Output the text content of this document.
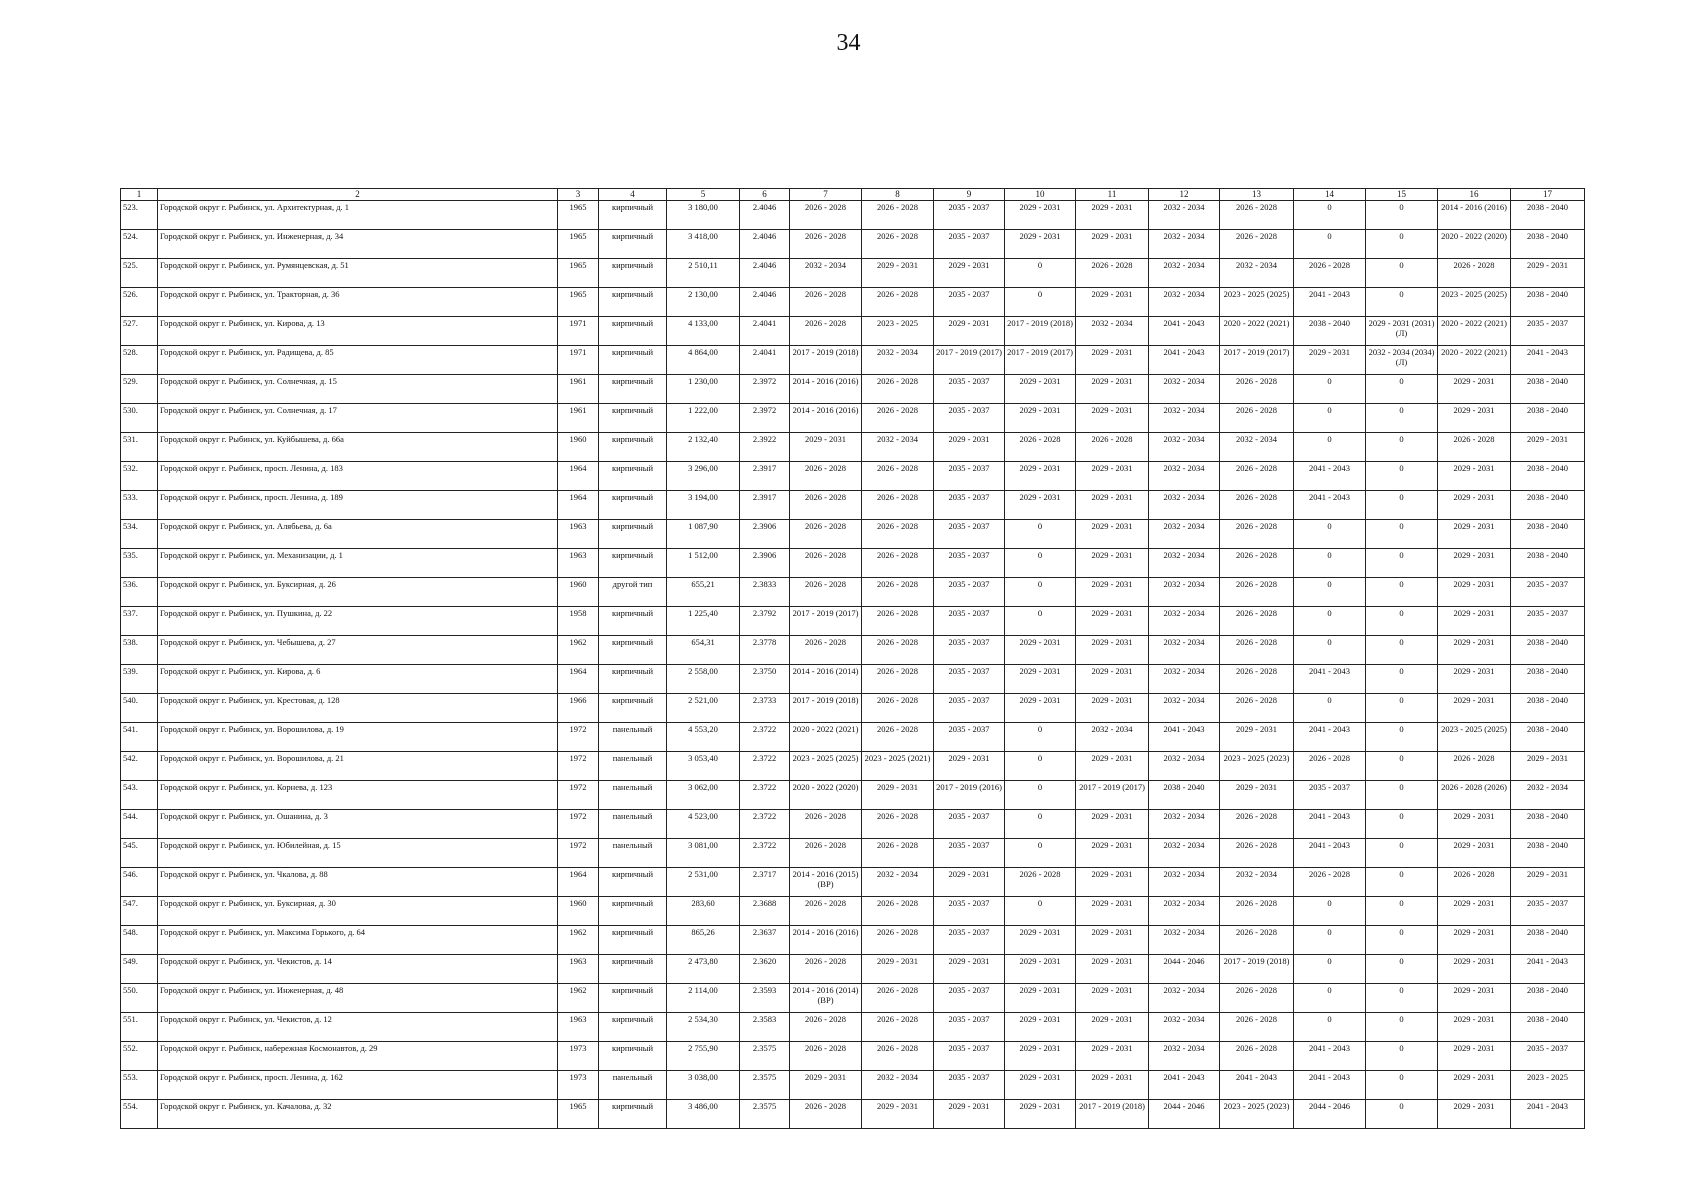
34
1	2	3	4	5	6	7	8	9	10	11	12	13	14	15	16	17
523.	Городской округ г. Рыбинск, ул. Архитектурная, д. 1	1965	кирпичный	3 180,00	2.4046	2026 - 2028	2026 - 2028	2035 - 2037	2029 - 2031	2029 - 2031	2032 - 2034	2026 - 2028	0	0	2014 - 2016 (2016)	2038 - 2040
524.	Городской округ г. Рыбинск, ул. Инженерная, д. 34	1965	кирпичный	3 418,00	2.4046	2026 - 2028	2026 - 2028	2035 - 2037	2029 - 2031	2029 - 2031	2032 - 2034	2026 - 2028	0	0	2020 - 2022 (2020)	2038 - 2040
525.	Городской округ г. Рыбинск, ул. Румянцевская, д. 51	1965	кирпичный	2 510,11	2.4046	2032 - 2034	2029 - 2031	2029 - 2031	0	2026 - 2028	2032 - 2034	2032 - 2034	2026 - 2028	0	2026 - 2028	2029 - 2031
526.	Городской округ г. Рыбинск, ул. Тракторная, д. 36	1965	кирпичный	2 130,00	2.4046	2026 - 2028	2026 - 2028	2035 - 2037	0	2029 - 2031	2032 - 2034	2023 - 2025 (2025)	2041 - 2043	0	2023 - 2025 (2025)	2038 - 2040
527.	Городской округ г. Рыбинск, ул. Кирова, д. 13	1971	кирпичный	4 133,00	2.4041	2026 - 2028	2023 - 2025	2029 - 2031	2017 - 2019 (2018)	2032 - 2034	2041 - 2043	2020 - 2022 (2021)	2038 - 2040	2029 - 2031 (2031) (Л)	2020 - 2022 (2021)	2035 - 2037
528.	Городской округ г. Рыбинск, ул. Радищева, д. 85	1971	кирпичный	4 864,00	2.4041	2017 - 2019 (2018)	2032 - 2034	2017 - 2019 (2017)	2017 - 2019 (2017)	2029 - 2031	2041 - 2043	2017 - 2019 (2017)	2029 - 2031	2032 - 2034 (2034) (Л)	2020 - 2022 (2021)	2041 - 2043
529.	Городской округ г. Рыбинск, ул. Солнечная, д. 15	1961	кирпичный	1 230,00	2.3972	2014 - 2016 (2016)	2026 - 2028	2035 - 2037	2029 - 2031	2029 - 2031	2032 - 2034	2026 - 2028	0	0	2029 - 2031	2038 - 2040
530.	Городской округ г. Рыбинск, ул. Солнечная, д. 17	1961	кирпичный	1 222,00	2.3972	2014 - 2016 (2016)	2026 - 2028	2035 - 2037	2029 - 2031	2029 - 2031	2032 - 2034	2026 - 2028	0	0	2029 - 2031	2038 - 2040
531.	Городской округ г. Рыбинск, ул. Куйбышева, д. 66а	1960	кирпичный	2 132,40	2.3922	2029 - 2031	2032 - 2034	2029 - 2031	2026 - 2028	2026 - 2028	2032 - 2034	2032 - 2034	0	0	2026 - 2028	2029 - 2031
532.	Городской округ г. Рыбинск, просп. Ленина, д. 183	1964	кирпичный	3 296,00	2.3917	2026 - 2028	2026 - 2028	2035 - 2037	2029 - 2031	2029 - 2031	2032 - 2034	2026 - 2028	2041 - 2043	0	2029 - 2031	2038 - 2040
533.	Городской округ г. Рыбинск, просп. Ленина, д. 189	1964	кирпичный	3 194,00	2.3917	2026 - 2028	2026 - 2028	2035 - 2037	2029 - 2031	2029 - 2031	2032 - 2034	2026 - 2028	2041 - 2043	0	2029 - 2031	2038 - 2040
534.	Городской округ г. Рыбинск, ул. Алябьева, д. 6а	1963	кирпичный	1 087,90	2.3906	2026 - 2028	2026 - 2028	2035 - 2037	0	2029 - 2031	2032 - 2034	2026 - 2028	0	0	2029 - 2031	2038 - 2040
535.	Городской округ г. Рыбинск, ул. Механизации, д. 1	1963	кирпичный	1 512,00	2.3906	2026 - 2028	2026 - 2028	2035 - 2037	0	2029 - 2031	2032 - 2034	2026 - 2028	0	0	2029 - 2031	2038 - 2040
536.	Городской округ г. Рыбинск, ул. Буксирная, д. 26	1960	другой тип	655,21	2.3833	2026 - 2028	2026 - 2028	2035 - 2037	0	2029 - 2031	2032 - 2034	2026 - 2028	0	0	2029 - 2031	2035 - 2037
537.	Городской округ г. Рыбинск, ул. Пушкина, д. 22	1958	кирпичный	1 225,40	2.3792	2017 - 2019 (2017)	2026 - 2028	2035 - 2037	0	2029 - 2031	2032 - 2034	2026 - 2028	0	0	2029 - 2031	2035 - 2037
538.	Городской округ г. Рыбинск, ул. Чебышева, д. 27	1962	кирпичный	654,31	2.3778	2026 - 2028	2026 - 2028	2035 - 2037	2029 - 2031	2029 - 2031	2032 - 2034	2026 - 2028	0	0	2029 - 2031	2038 - 2040
539.	Городской округ г. Рыбинск, ул. Кирова, д. 6	1964	кирпичный	2 558,00	2.3750	2014 - 2016 (2014)	2026 - 2028	2035 - 2037	2029 - 2031	2029 - 2031	2032 - 2034	2026 - 2028	2041 - 2043	0	2029 - 2031	2038 - 2040
540.	Городской округ г. Рыбинск, ул. Крестовая, д. 128	1966	кирпичный	2 521,00	2.3733	2017 - 2019 (2018)	2026 - 2028	2035 - 2037	2029 - 2031	2029 - 2031	2032 - 2034	2026 - 2028	0	0	2029 - 2031	2038 - 2040
541.	Городской округ г. Рыбинск, ул. Ворошилова, д. 19	1972	панельный	4 553,20	2.3722	2020 - 2022 (2021)	2026 - 2028	2035 - 2037	0	2032 - 2034	2041 - 2043	2029 - 2031	2041 - 2043	0	2023 - 2025 (2025)	2038 - 2040
542.	Городской округ г. Рыбинск, ул. Ворошилова, д. 21	1972	панельный	3 053,40	2.3722	2023 - 2025 (2025)	2023 - 2025 (2021)	2029 - 2031	0	2029 - 2031	2032 - 2034	2023 - 2025 (2023)	2026 - 2028	0	2026 - 2028	2029 - 2031
543.	Городской округ г. Рыбинск, ул. Корнева, д. 123	1972	панельный	3 062,00	2.3722	2020 - 2022 (2020)	2029 - 2031	2017 - 2019 (2016)	0	2017 - 2019 (2017)	2038 - 2040	2029 - 2031	2035 - 2037	0	2026 - 2028 (2026)	2032 - 2034
544.	Городской округ г. Рыбинск, ул. Ошанина, д. 3	1972	панельный	4 523,00	2.3722	2026 - 2028	2026 - 2028	2035 - 2037	0	2029 - 2031	2032 - 2034	2026 - 2028	2041 - 2043	0	2029 - 2031	2038 - 2040
545.	Городской округ г. Рыбинск, ул. Юбилейная, д. 15	1972	панельный	3 081,00	2.3722	2026 - 2028	2026 - 2028	2035 - 2037	0	2029 - 2031	2032 - 2034	2026 - 2028	2041 - 2043	0	2029 - 2031	2038 - 2040
546.	Городской округ г. Рыбинск, ул. Чкалова, д. 88	1964	кирпичный	2 531,00	2.3717	2014 - 2016 (2015) (ВР)	2032 - 2034	2029 - 2031	2026 - 2028	2029 - 2031	2032 - 2034	2032 - 2034	2026 - 2028	0	2026 - 2028	2029 - 2031
547.	Городской округ г. Рыбинск, ул. Буксирная, д. 30	1960	кирпичный	283,60	2.3688	2026 - 2028	2026 - 2028	2035 - 2037	0	2029 - 2031	2032 - 2034	2026 - 2028	0	0	2029 - 2031	2035 - 2037
548.	Городской округ г. Рыбинск, ул. Максима Горького, д. 64	1962	кирпичный	865,26	2.3637	2014 - 2016 (2016)	2026 - 2028	2035 - 2037	2029 - 2031	2029 - 2031	2032 - 2034	2026 - 2028	0	0	2029 - 2031	2038 - 2040
549.	Городской округ г. Рыбинск, ул. Чекистов, д. 14	1963	кирпичный	2 473,80	2.3620	2026 - 2028	2029 - 2031	2029 - 2031	2029 - 2031	2029 - 2031	2044 - 2046	2017 - 2019 (2018)	0	0	2029 - 2031	2041 - 2043
550.	Городской округ г. Рыбинск, ул. Инженерная, д. 48	1962	кирпичный	2 114,00	2.3593	2014 - 2016 (2014) (ВР)	2026 - 2028	2035 - 2037	2029 - 2031	2029 - 2031	2032 - 2034	2026 - 2028	0	0	2029 - 2031	2038 - 2040
551.	Городской округ г. Рыбинск, ул. Чекистов, д. 12	1963	кирпичный	2 534,30	2.3583	2026 - 2028	2026 - 2028	2035 - 2037	2029 - 2031	2029 - 2031	2032 - 2034	2026 - 2028	0	0	2029 - 2031	2038 - 2040
552.	Городской округ г. Рыбинск, набережная Космонавтов, д. 29	1973	кирпичный	2 755,90	2.3575	2026 - 2028	2026 - 2028	2035 - 2037	2029 - 2031	2029 - 2031	2032 - 2034	2026 - 2028	2041 - 2043	0	2029 - 2031	2035 - 2037
553.	Городской округ г. Рыбинск, просп. Ленина, д. 162	1973	панельный	3 038,00	2.3575	2029 - 2031	2032 - 2034	2035 - 2037	2029 - 2031	2029 - 2031	2041 - 2043	2041 - 2043	2041 - 2043	0	2029 - 2031	2023 - 2025
554.	Городской округ г. Рыбинск, ул. Качалова, д. 32	1965	кирпичный	3 486,00	2.3575	2026 - 2028	2029 - 2031	2029 - 2031	2029 - 2031	2017 - 2019 (2018)	2044 - 2046	2023 - 2025 (2023)	2044 - 2046	0	2029 - 2031	2041 - 2043
